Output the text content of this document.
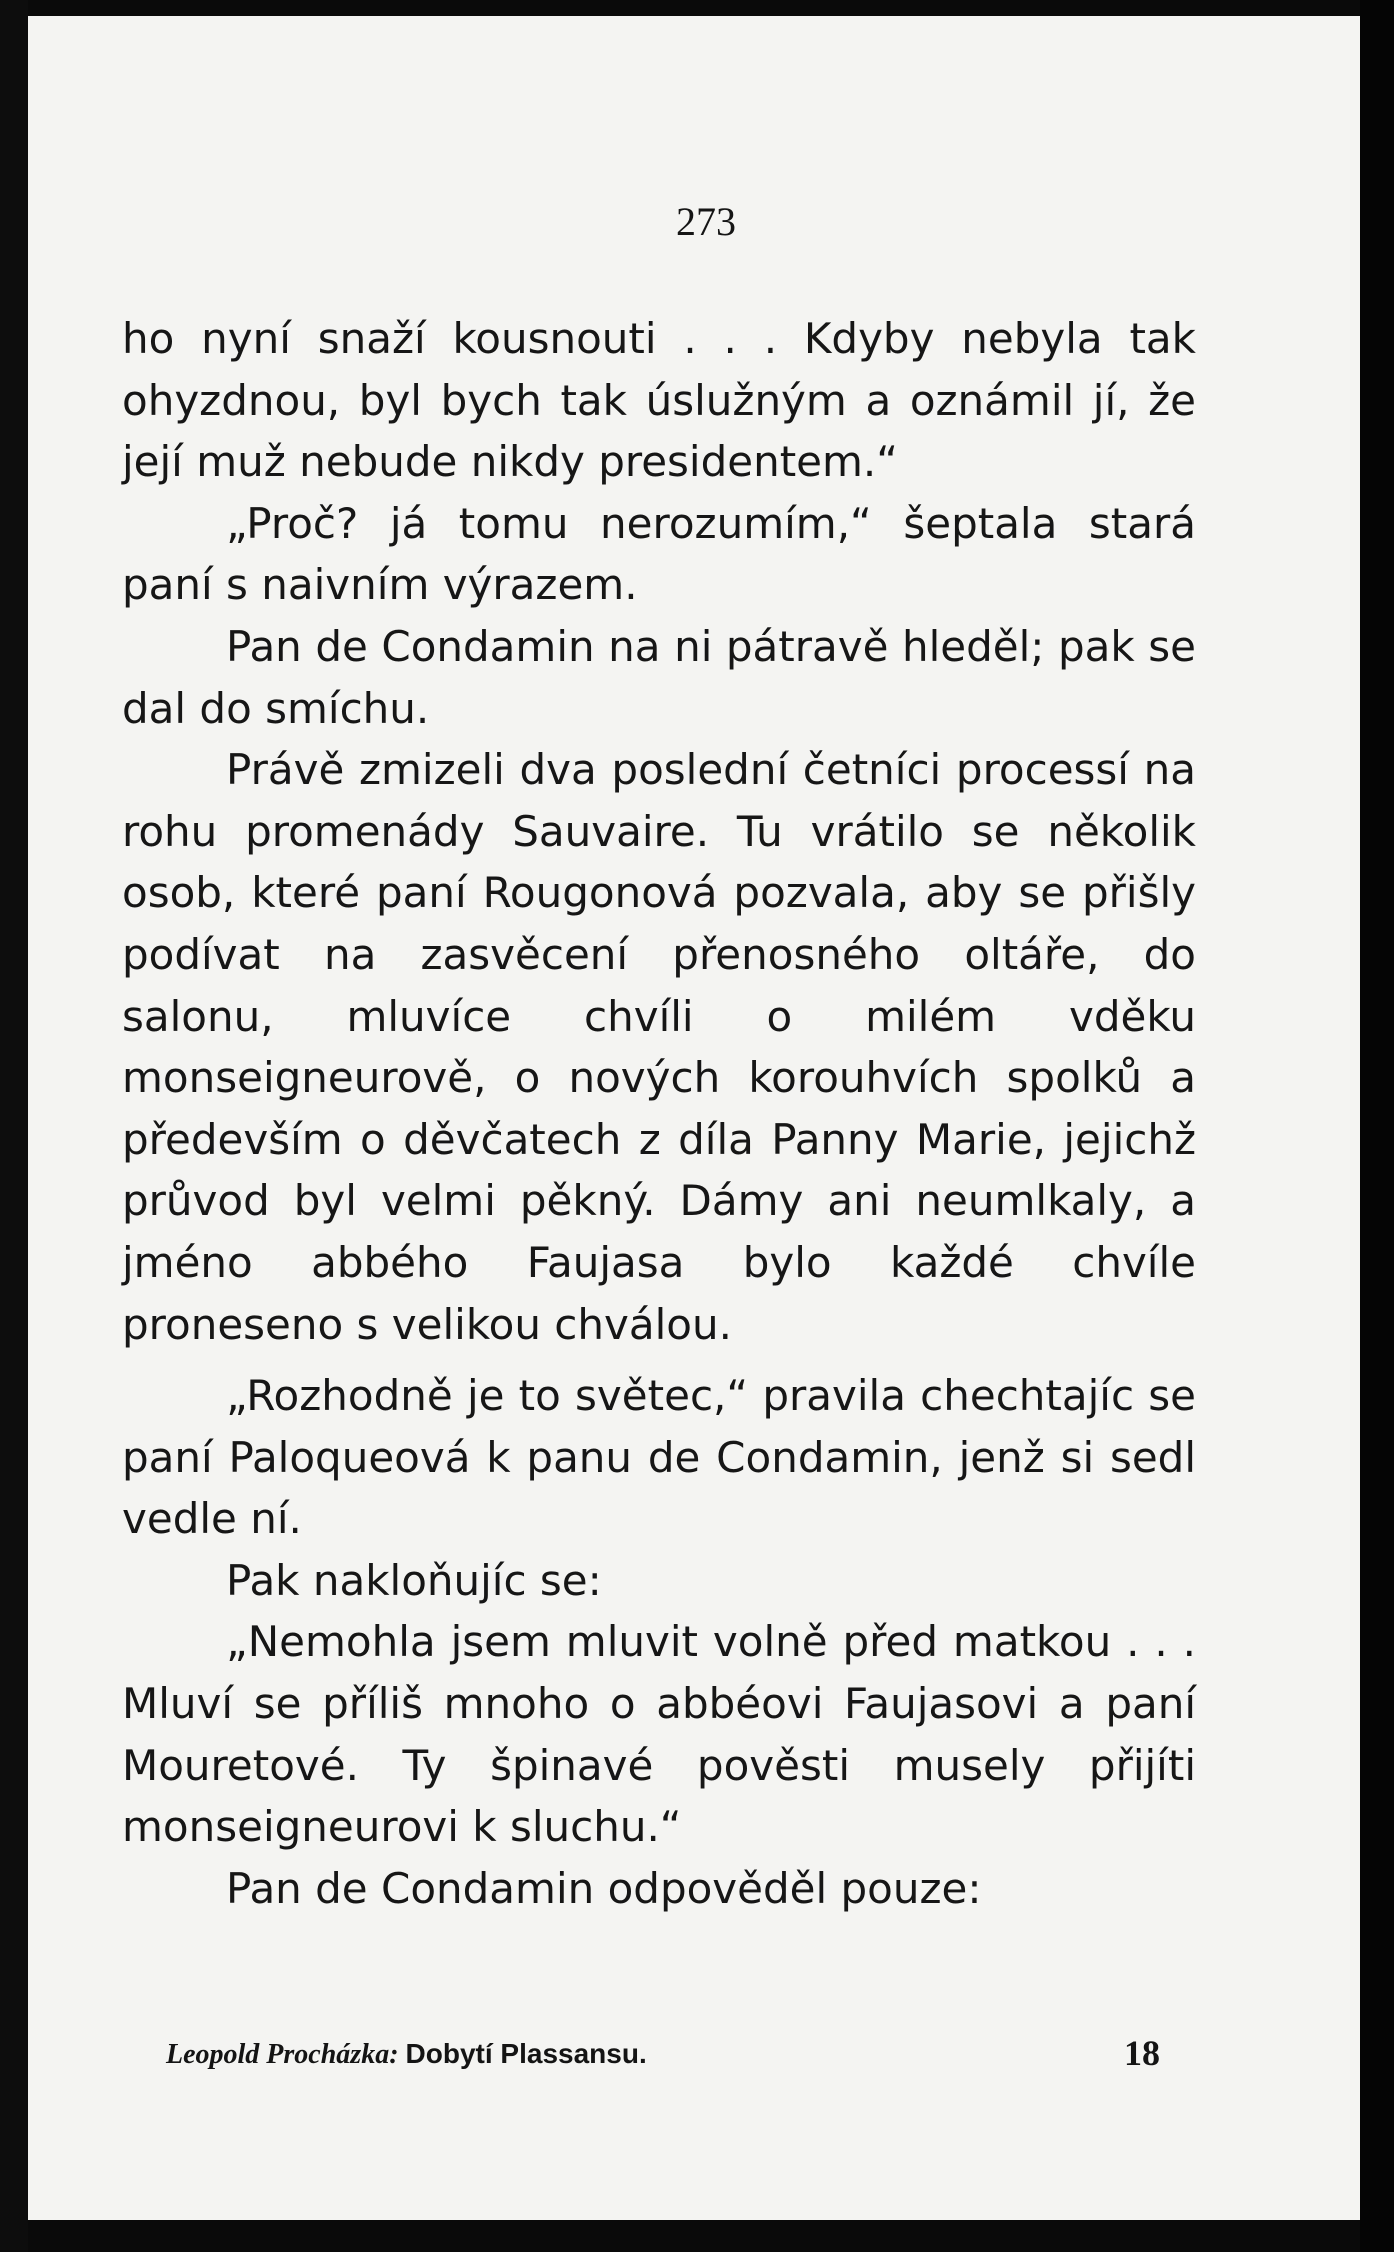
273

ho nyní snaží kousnouti . . . Kdyby nebyla tak ohyzdnou, byl bych tak úslužným a oznámil jí, že její muž nebude nikdy presidentem.“

„Proč? já tomu nerozumím,“ šeptala stará paní s naivním výrazem.

Pan de Condamin na ni pátravě hleděl; pak se dal do smíchu.

Právě zmizeli dva poslední četníci processí na rohu promenády Sauvaire. Tu vrátilo se několik osob, které paní Rougonová pozvala, aby se přišly podívat na zasvěcení přenosného oltáře, do salonu, mluvíce chvíli o milém vděku monseigneurově, o nových korouhvích spolků a především o děvčatech z díla Panny Marie, jejichž průvod byl velmi pěkný. Dámy ani neumlkaly, a jméno abbého Faujasa bylo každé chvíle proneseno s velikou chválou.

„Rozhodně je to světec,“ pravila chechtajíc se paní Paloqueová k panu de Condamin, jenž si sedl vedle ní.

Pak nakloňujíc se:

„Nemohla jsem mluvit volně před matkou . . . Mluví se příliš mnoho o abbéovi Faujasovi a paní Mouretové. Ty špinavé pověsti musely přijíti monseigneurovi k sluchu.“

Pan de Condamin odpověděl pouze:

Leopold Procházka: Dobytí Plassansu.	18
